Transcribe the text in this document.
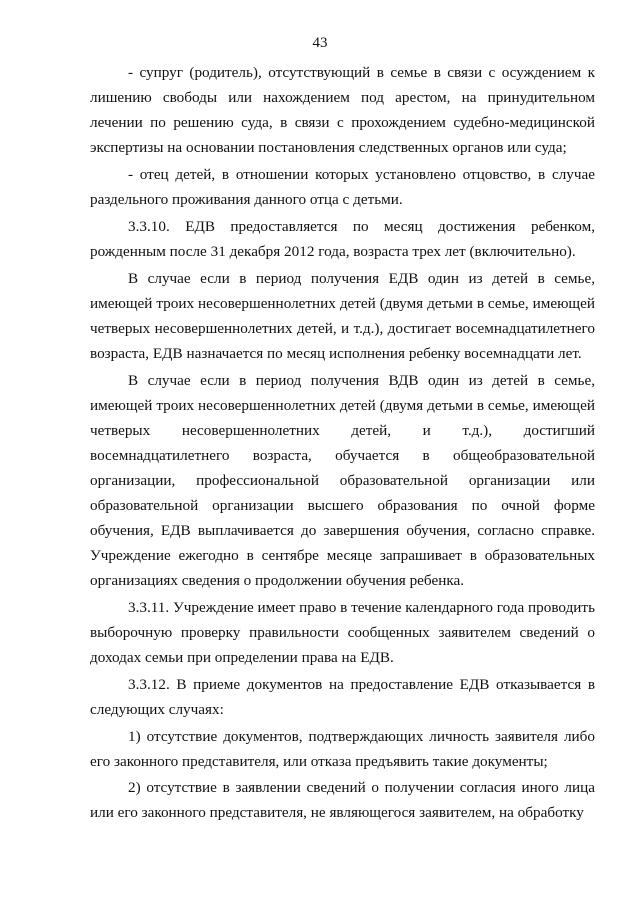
43

- супруг (родитель), отсутствующий в семье в связи с осуждением к лишению свободы или нахождением под арестом, на принудительном лечении по решению суда, в связи с прохождением судебно-медицинской экспертизы на основании постановления следственных органов или суда;

- отец детей, в отношении которых установлено отцовство, в случае раздельного проживания данного отца с детьми.

3.3.10. ЕДВ предоставляется по месяц достижения ребенком, рожденным после 31 декабря 2012 года, возраста трех лет (включительно).

В случае если в период получения ЕДВ один из детей в семье, имеющей троих несовершеннолетних детей (двумя детьми в семье, имеющей четверых несовершеннолетних детей, и т.д.), достигает восемнадцатилетнего возраста, ЕДВ назначается по месяц исполнения ребенку восемнадцати лет.

В случае если в период получения ВДВ один из детей в семье, имеющей троих несовершеннолетних детей (двумя детьми в семье, имеющей четверых несовершеннолетних детей, и т.д.), достигший восемнадцатилетнего возраста, обучается в общеобразовательной организации, профессиональной образовательной организации или образовательной организации высшего образования по очной форме обучения, ЕДВ выплачивается до завершения обучения, согласно справке. Учреждение ежегодно в сентябре месяце запрашивает в образовательных организациях сведения о продолжении обучения ребенка.

3.3.11. Учреждение имеет право в течение календарного года проводить выборочную проверку правильности сообщенных заявителем сведений о доходах семьи при определении права на ЕДВ.

3.3.12. В приеме документов на предоставление ЕДВ отказывается в следующих случаях:

1) отсутствие документов, подтверждающих личность заявителя либо его законного представителя, или отказа предъявить такие документы;

2) отсутствие в заявлении сведений о получении согласия иного лица или его законного представителя, не являющегося заявителем, на обработку
